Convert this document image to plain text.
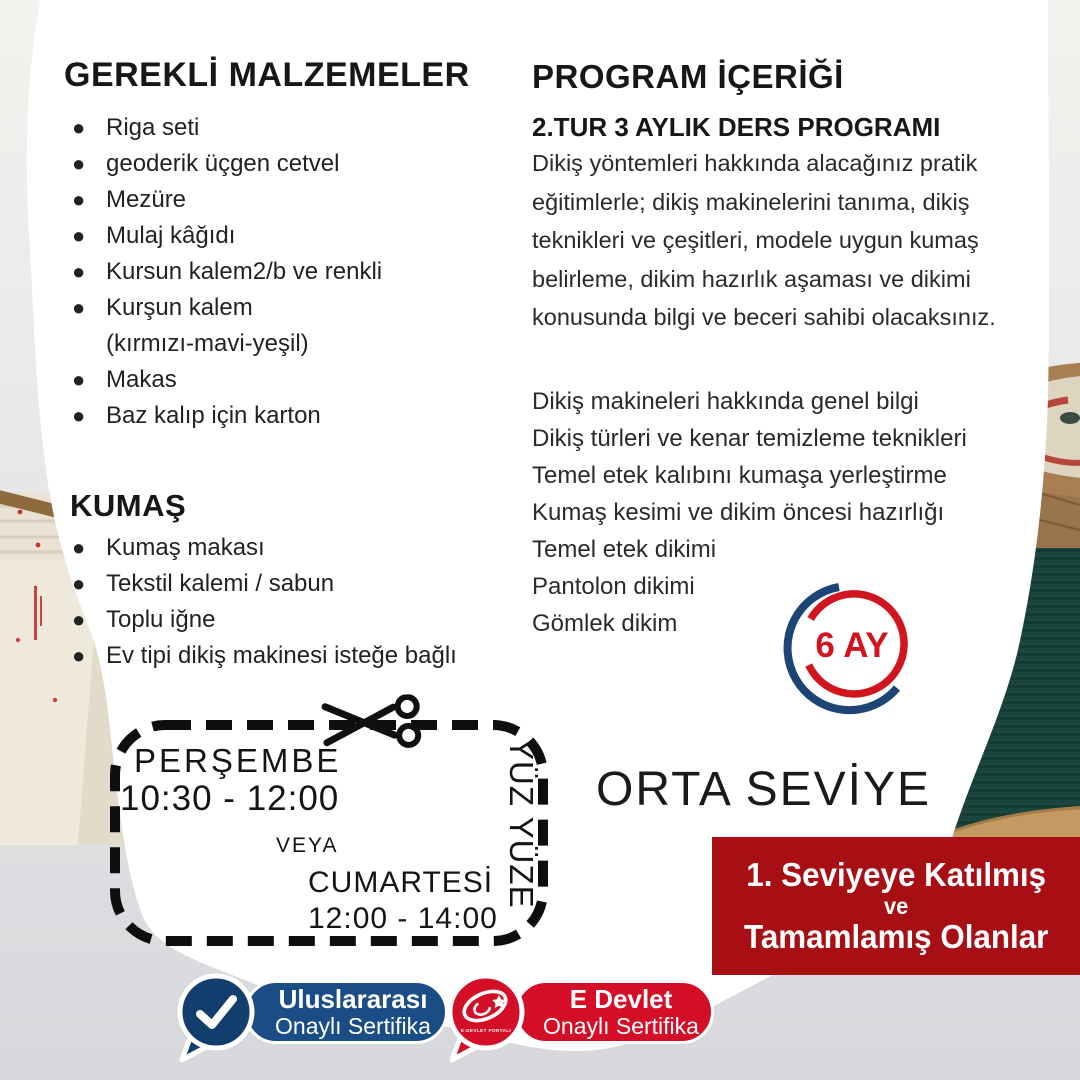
GEREKLİ MALZEMELER
● Riga seti
● geoderik üçgen cetvel
● Mezüre
● Mulaj kâğıdı
● Kursun kalem2/b ve renkli
● Kurşun kalem
(kırmızı-mavi-yeşil)
● Makas
● Baz kalıp için karton
KUMAŞ
● Kumaş makası
● Tekstil kalemi / sabun
● Toplu iğne
● Ev tipi dikiş makinesi isteğe bağlı
PROGRAM İÇERİĞİ
2.TUR 3 AYLIK DERS PROGRAMI
Dikiş yöntemleri hakkında alacağınız pratik eğitimlerle; dikiş makinelerini tanıma, dikiş teknikleri ve çeşitleri, modele uygun kumaş belirleme, dikim hazırlık aşaması ve dikimi konusunda bilgi ve beceri sahibi olacaksınız.
Dikiş makineleri hakkında genel bilgi
Dikiş türleri ve kenar temizleme teknikleri
Temel etek kalıbını kumaşa yerleştirme
Kumaş kesimi ve dikim öncesi hazırlığı
Temel etek dikimi
Pantolon dikimi
Gömlek dikim
6 AY
ORTA SEVİYE
1. Seviyeye Katılmış
ve
Tamamlamış Olanlar
PERŞEMBE
10:30 - 12:00
VEYA
CUMARTESİ
12:00 - 14:00
YÜZ YÜZE
Uluslararası
Onaylı Sertifika
E Devlet
Onaylı Sertifika
E-DEVLET PORTALI
